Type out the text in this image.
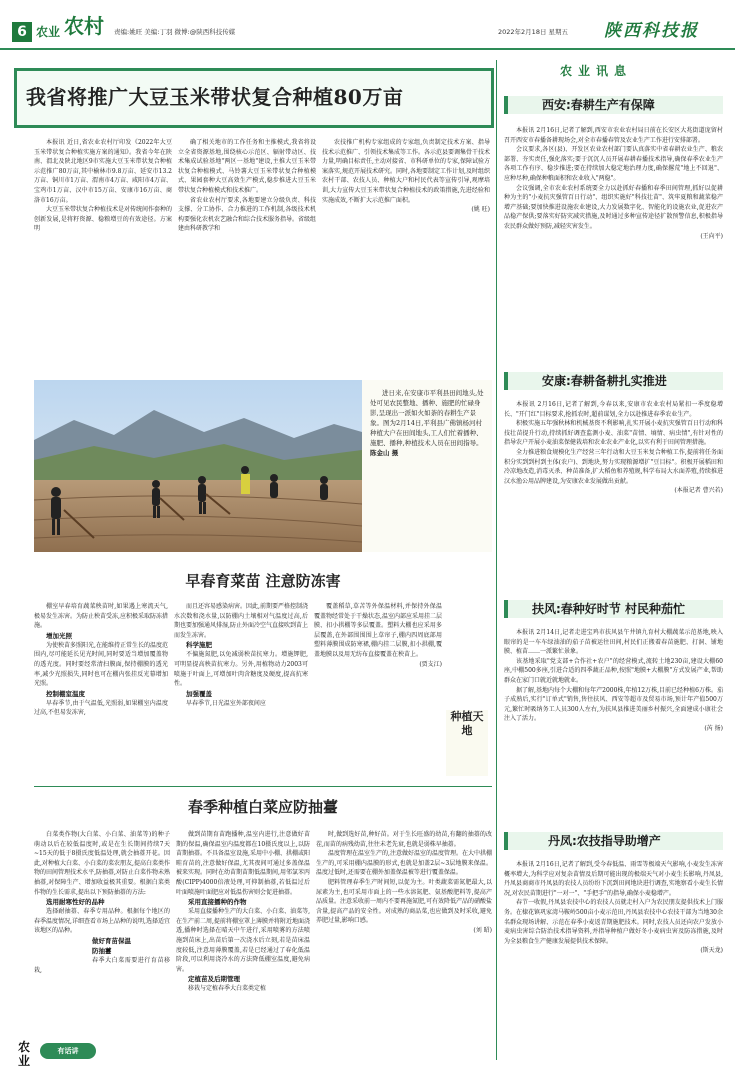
6 农业 农村 责编:姚旺 美编:丁羽 微博:@陕西科技传媒	2022年2月18日 星期五 陕西科技报
我省将推广大豆玉米带状复合种植80万亩

本报讯 近日,省农业农村厅印发《2022年大豆玉米带状复合种植实施方案的通知》。我省今年在陕南、渭北及陕北地区9市实施大豆玉米带状复合种植示范推广80万亩,其中榆林市9.8万亩、延安市13.2万亩、铜川市1万亩、渭南市4万亩、咸阳市4万亩、宝鸡市1万亩、汉中市15万亩、安康市16万亩、商洛市16万亩。

大豆玉米带状复合种植技术是对传统间作套种的创新发展,是将籽资源、稳粮增豆的有效途径。方案明

确了相关地市的工作任务和主推模式,我省将设立全省资源基地,围绕核心示范区、辐射带动区、技术集成试验基地"两区一基地"建设,主推大豆玉米带状复合种植模式、马铃薯大豆玉米带状复合种植模式、果园套种大豆高效生产模式,稳步推进大豆玉米带状复合种植模式和技术推广。

省农业农村厅要求,各地要建立分级负责、科技支撑、分工协作、合力推进的工作机制,各级技术机构要强化农机农艺融合和综合技术服务指导。省级组建由科研教学和

农技推广机构专家组成的专家组,负责制定技术方案、指导技术示范推广、引领技术集成等工作。各示范县要调集骨干技术力量,明确目标责任,主动对接省、市科研单位的专家,保障试验方案落实,规范开展技术研究。同时,各地要制定工作计划,及时组织农村干部、农技人员、种植大户和村民代表等宣传引导,观摩培训,大力宣传大豆玉米带状复合种植技术的政策措施,先进经验和实施成效,不断扩大示范推广面积。

(姚 旺)

进日来,在安康市平利县田间地头,处处可见农民整地、播种、施肥的忙碌身影,呈现出一派如火如荼的春耕生产景象。图为2月14日,平利县广佛镇杨河村种植大户在田间地头,工人们忙着播种、施肥、播种,种植技术人员在田间指导。 陈金山 摄
早春育菜苗 注意防冻害

棚室早春培育蔬菜秧苗时,如果遇上寒流天气,极易发生冻害。为防止秧苗受冻,应积极采取防冻措施。

增加光照

为使秧苗多照阳光,在能维持正常生长的温度范围内,尽可能延长见光时间,同时要适当增加覆盖物的透光度。同时要经常清扫膜面,保持棚膜的透光率,减少光照损失,同时也可在棚内张挂反光幕增加光照。

控制棚室温度

早春季节,由于气温低,光照弱,如果棚室内温度过高,不但易发冻害,

而且还容易感染病害。因此,前期要严格控制浇水次数和浇水量,以防棚内土壤相对气温度过高,后期也要加强通风排湿,防止外面冷空气直接吹到苗上而发生冻害。

科学施肥

不偏施氮肥,以免减弱秧苗抗寒力。增施钾肥,可明显提高秧苗抗寒力。另外,用植物动力2003可喷施于叶面上,可增加叶肉含糖度及硬度,提高抗寒性。

加强覆盖

早春季节,日光温室外部夜间应

覆盖稻草,草苫等外保温材料,并保持外保温覆盖物经常处于干燥状态,温室内部应采用挂二层膜、扣小拱棚等多层覆盖。塑料大棚也应采用多层覆盖,在外部围围围上草帘子,棚内四周底部用塑料薄膜围成防寒裙,棚内挂二层膜,扣小拱棚,覆盖地膜以及用无纺布直接覆盖在秧苗上。

(贾支江)

种植天地
春季种植白菜应防抽薹

白菜类作物(大白菜、小白菜、油菜等)的种子萌动以后在较低温度时,或是在生长期间持续7天~15天的低于8摄氏度低温处理,就会抽薹开花。因此,对种植大白菜、小白菜的菜农朋友,提高白菜类作物的田间管理技术水平,防抽薹,对防止白菜作物未熟抽薹,对保障生产、增加收益极其重要。根据白菜类作物的生长需求,提出以下预防抽薹的方法:

选用耐寒性好的品种

选择耐抽薹、春季专用品种。根据每个地区的春季温度情况,详细查看市场上品种的说明,选择适宜该地区的品种。

做好育苗保温

防抽薹

春季大白菜需要进行育苗移栽,

做到苗期育苗跑播种,温室内进行,注意做好苗期的保温,确保温室内温度都在10摄氏度以上,以防苗期抽薹。不具备温室设施,采用中小棚、拱棚或阳畦育苗的,注意做好保温,尤其夜间可通过多盖保温被来实现。同时在幼苗期苗期低温期间,用邻氯苯丙酸(CIPP)4000倍液处理,可抑制抽薹,若低温过后叶面喷施叶面肥应对低温伤害则会促进抽薹。

采用直接播种的作物

采用直接播种生产的大白菜、小白菜、油菜等,在生产前二周,提前将棚室罩上薄膜并将附近地面浇透,播种时选择在晴天中午进行,采用喷雾的方法喷施到苗床上,出苗后第一次浇水后立刻,若是苗床温度较低,注意用薄膜覆盖,若是已经通过了春化低温阶段,可以利用浇冷水的方法降低棚室温度,避免病害。

定植苗及后期管理

移栽与定植春季大白菜类定植

时,做到选好苗,种好苗。对于生长旺盛的幼苗,有翻的抽薹的改茬,而苗的病残幼苗,往往未老先衰,也就是弱株早抽薹。

温度管理在温室生产的,注意做好温室的温度管理。在大中拱棚生产的,可采用棚内温膜的形式,也就是加盖2层~3层地膜来保温。温度过低时,还需要在棚外加盖保温被等进行覆盖保温。

肥料管理春季生产时间短,以促为主。叶类蔬菜需氮肥最大,以尿素为主,也可采用市面上的一些水溶氮肥、氨基酸肥料等,提高产品质量。注意采收前一周内不要再施氮肥,可有效降低产品的硝酸盐含量,提高产品的安全性。对成熟的商品菜,也应做到及时采收,避免养肥过量,影响口感。

(刘 昭)

农
业
有话讲
农业讯息
西安:春耕生产有保障

本报讯 2月16日,记者了解到,西安市农业农村局日前在长安区大兆街道庞留村召开西安市春播备耕现场会,对全市春播春管及农业生产工作进行安排部署。

会议要求,各区(县)、开发区农业农村部门要认真落实中省春耕农业生产、粮农部署、夯实责任,强化落实;要于沉沉人员开展春耕春播技术指导,确保春季农业生产各项工作有序、稳步推进;要在持续加大稳定地治理力度,确保撂荒"地上不回退"、应种尽种,确保种粮面积和农业收入"两稳"。

会议强调,全市农业农村系统要全力以赴抓好春播和春季田间管理,抓好以促耕种为主的"小麦抗灾强管百日行动"、组织实施好"科技壮苗"、筑牢夏粮和蔬菜稳产增产基础;要加快推进设施农业建设,大力发展数字化、智能化的设施农业,促进农产品稳产保供;要落实好防灾减灾措施,及时通过多种宣传途径扩散预警信息,积极指导农民群众做好预防,减轻灾害发生。

(王向平)

安康:春耕备耕扎实推进

本报讯 2月16日,记者了解到,今春以来,安康市农业农村局紧扣一季度稳增长、"开门红"目标要求,抢抓农时,超前谋划,全力以赴推进春季农业生产。

积极实施五年强秋林和机械基资不利影响,扎实开展小麦抗灾强管百日行动和科技壮苗提升行动,持续抓好调查监测小麦、油菜"苗情、墒情、病虫情",有针对性的指导农户开展小麦油菜保健栽培和农业农业产业化,以实有利于田间管理措施。

全力推进粮食规模化生产经营三年行动和大豆玉米复合种植工作,提前将任务面积分实到到村到主体(农户)、到地块,努力实现粮源增扩"豆目标"。积极开展稻田和冷凉地改造,消毒灭杀、种苗准备,扩大稻鱼和养殖规,科学布局大水面养殖,持续推进汉水渔公用品牌建设,为安康农业发展做出贡献。

(本报记者 曹兴若)

扶风:春种好时节 村民种茄忙

本报讯 2月14日,记者走进宝鸡市扶风县午井镇九育村大棚蔬菜示范基地,映入眼帘的是一车车绿油油的茄子苗被运往田间,村民们正搬着春苗施肥、打洞、铺地膜、植苗……一派繁忙景象。

该基地采取"党支部+合作社+农户"的经营模式,流转土地230亩,建设大棚60座,中棚500多座,引进合适的四季蔬正品种,按照"地膜+大棚膜"方式发展产业,帮助群众在家门口就近就地就业。

据了解,基地内每个大棚和每年产2000株,年植12万株,目前已经种植6万株。茄子成熟后,实行"订单式"销售,售往扶风、西安等超市及贸易市场,预计年产值500万元,繁忙时吸纳务工人员300人左右,为扶风县推进美丽乡村振兴,全面建成小康社会注入了活力。

(芮 扬)

丹凤:农技指导助增产

本报讯 2月16日,记者了解到,受今春低温、雨雪等极端天气影响,小麦发生冻害概率增大,为科学应对复杂苗情及后期可能出现的极端天气对小麦生长影响,丹凤县,丹凤县商商市丹凤县的农技人员纷纷下沉到田间地块进行调查,实地察看小麦生长情况,对农民苗期进行"一对一"、"手把手"的指导,确保小麦稳增产。

春节一收假,丹凤县农技中心的农技人员就走村入户为农民朋友提供技术上门服务。在棣花镇巩家湾马鞍岭500亩小麦示范田,丹凤县农技中心农技干部为当地30余名群众现场讲解、示范在春季小麦返青期施肥技术。同时,农技人员还向农户发放小麦病虫害综合防治技术指导资料,并指导种植户做好冬小麦病虫害及防冻措施,及时为全县粮食生产健康发展提供技术保障。

(斯天龙)
